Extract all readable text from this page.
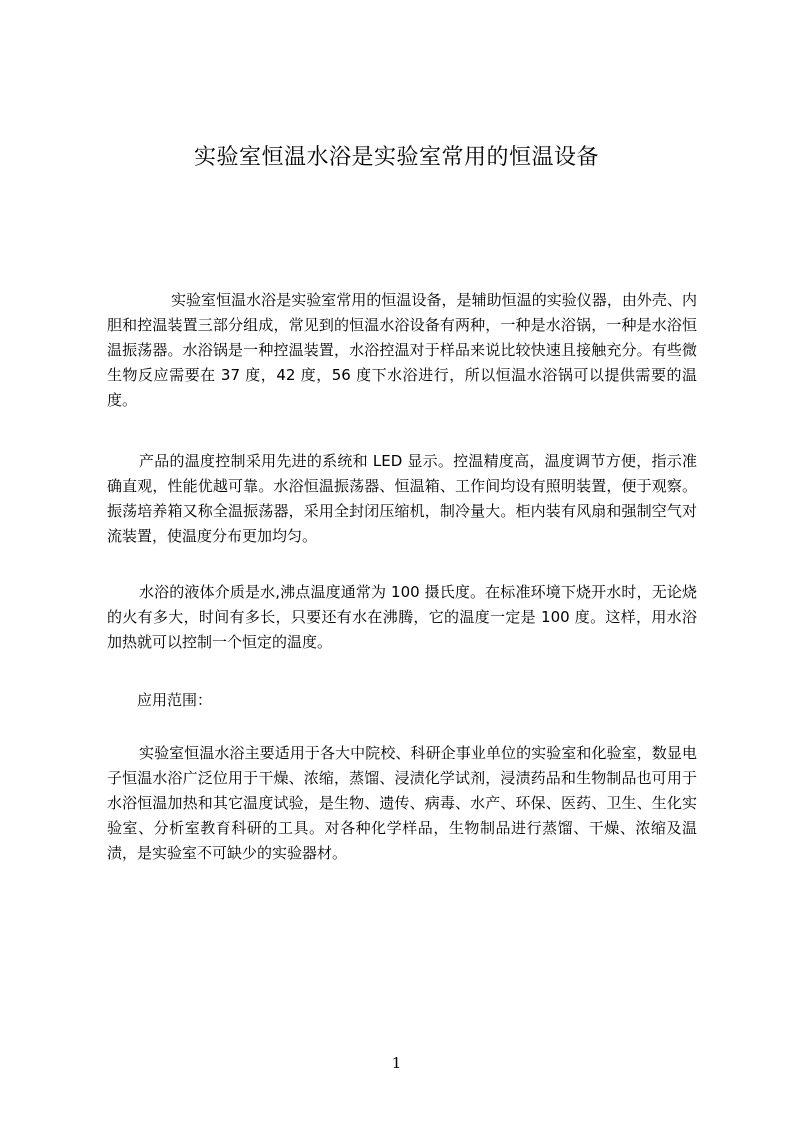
实验室恒温水浴是实验室常用的恒温设备

实验室恒温水浴是实验室常用的恒温设备，是辅助恒温的实验仪器，由外壳、内胆和控温装置三部分组成，常见到的恒温水浴设备有两种，一种是水浴锅，一种是水浴恒温振荡器。水浴锅是一种控温装置，水浴控温对于样品来说比较快速且接触充分。有些微生物反应需要在 37 度，42 度，56 度下水浴进行，所以恒温水浴锅可以提供需要的温度。

产品的温度控制采用先进的系统和 LED 显示。控温精度高，温度调节方便，指示准确直观，性能优越可靠。水浴恒温振荡器、恒温箱、工作间均设有照明装置，便于观察。振荡培养箱又称全温振荡器，采用全封闭压缩机，制冷量大。柜内装有风扇和强制空气对流装置，使温度分布更加均匀。

水浴的液体介质是水,沸点温度通常为 100 摄氏度。在标准环境下烧开水时，无论烧的火有多大，时间有多长，只要还有水在沸腾，它的温度一定是 100 度。这样，用水浴加热就可以控制一个恒定的温度。

应用范围：

实验室恒温水浴主要适用于各大中院校、科研企事业单位的实验室和化验室，数显电子恒温水浴广泛位用于干燥、浓缩，蒸馏、浸渍化学试剂，浸渍药品和生物制品也可用于水浴恒温加热和其它温度试验，是生物、遗传、病毒、水产、环保、医药、卫生、生化实验室、分析室教育科研的工具。对各种化学样品，生物制品进行蒸馏、干燥、浓缩及温渍，是实验室不可缺少的实验器材。

1
